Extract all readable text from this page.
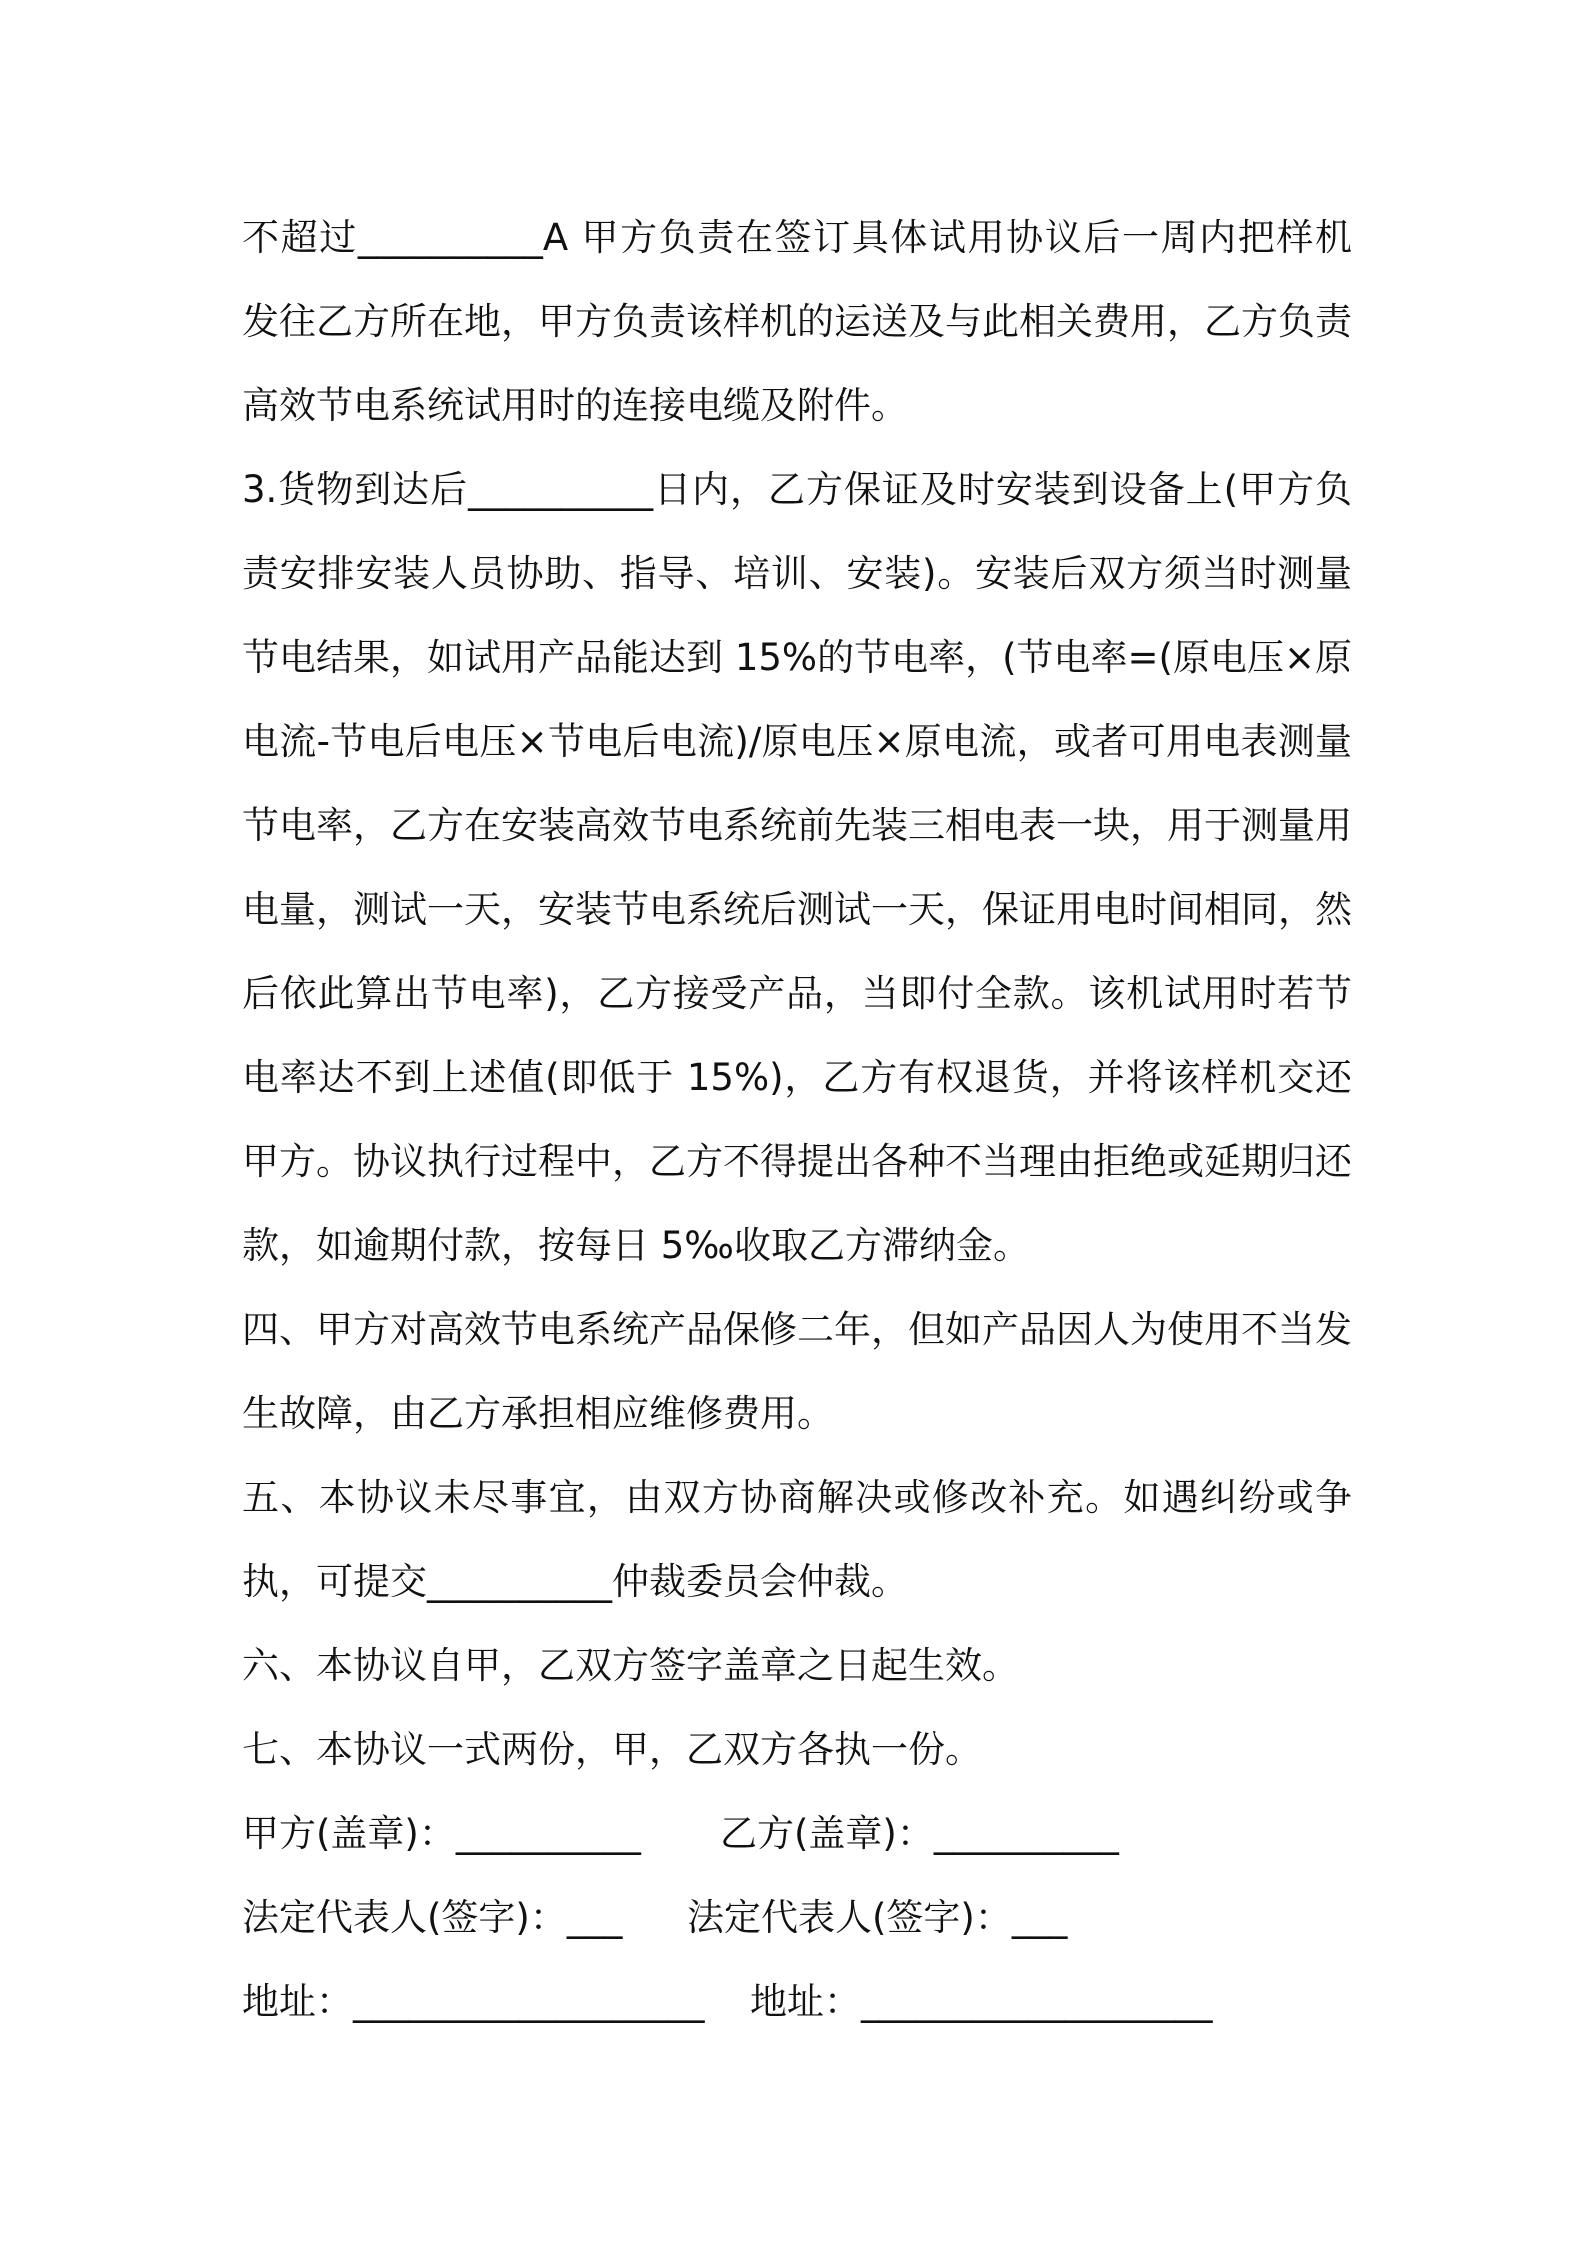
不超过__________A 甲方负责在签订具体试用协议后一周内把样机发往乙方所在地，甲方负责该样机的运送及与此相关费用，乙方负责高效节电系统试用时的连接电缆及附件。

3.货物到达后__________日内，乙方保证及时安装到设备上(甲方负责安排安装人员协助、指导、培训、安装)。安装后双方须当时测量节电结果，如试用产品能达到 15%的节电率，(节电率=(原电压×原电流-节电后电压×节电后电流)/原电压×原电流，或者可用电表测量节电率，乙方在安装高效节电系统前先装三相电表一块，用于测量用电量，测试一天，安装节电系统后测试一天，保证用电时间相同，然后依此算出节电率)，乙方接受产品，当即付全款。该机试用时若节电率达不到上述值(即低于 15%)，乙方有权退货，并将该样机交还甲方。协议执行过程中，乙方不得提出各种不当理由拒绝或延期归还款，如逾期付款，按每日 5‰收取乙方滞纳金。

四、甲方对高效节电系统产品保修二年，但如产品因人为使用不当发生故障，由乙方承担相应维修费用。

五、本协议未尽事宜，由双方协商解决或修改补充。如遇纠纷或争执，可提交__________仲裁委员会仲裁。

六、本协议自甲，乙双方签字盖章之日起生效。

七、本协议一式两份，甲，乙双方各执一份。

甲方(盖章)：__________	乙方(盖章)：__________
法定代表人(签字)：___	法定代表人(签字)：___
地址：___________________	地址：___________________
